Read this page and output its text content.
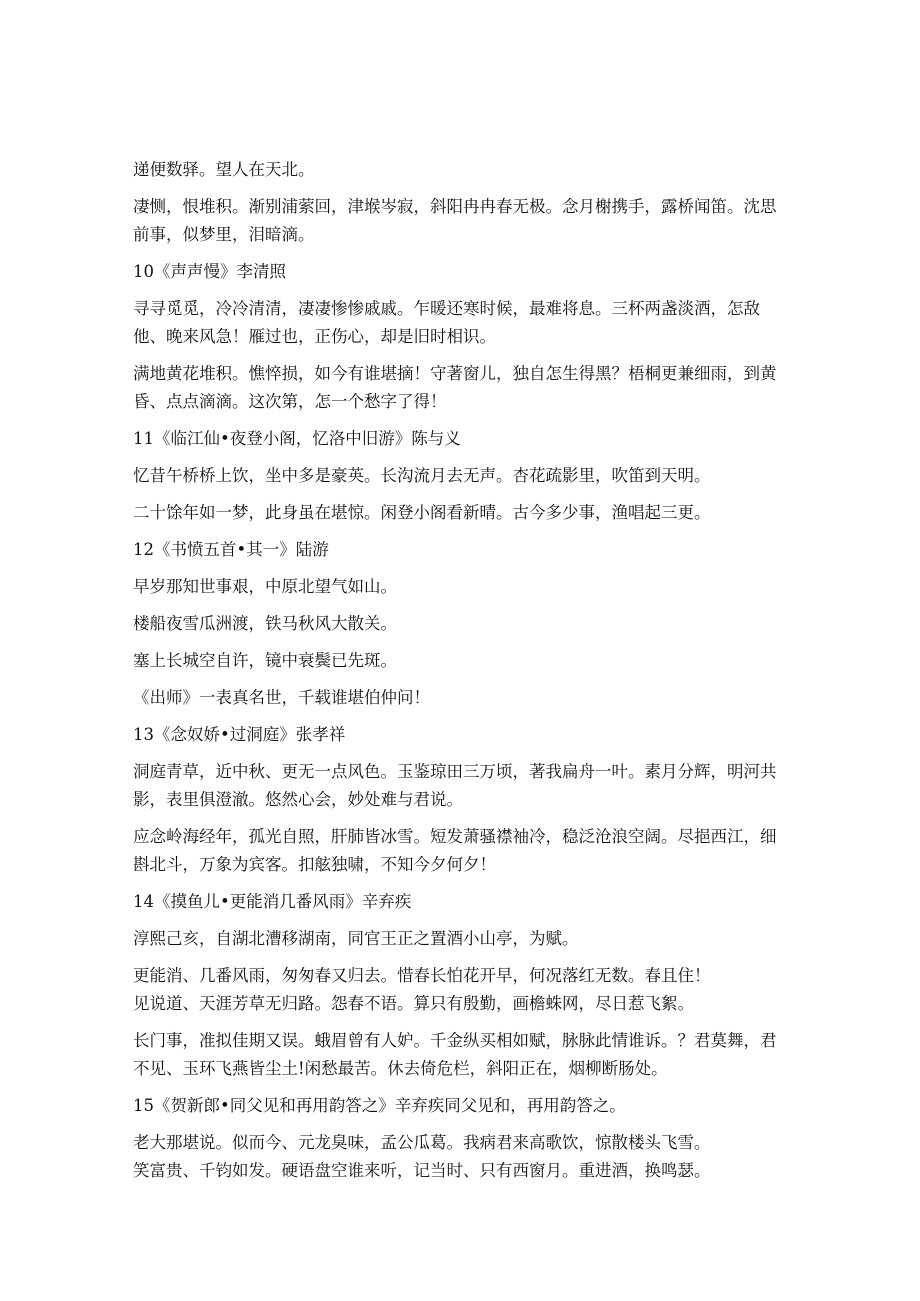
递便数驿。望人在天北。

凄恻，恨堆积。渐别浦萦回，津堠岑寂，斜阳冉冉春无极。念月榭携手，露桥闻笛。沈思
前事，似梦里，泪暗滴。

10《声声慢》李清照

寻寻觅觅，冷冷清清，凄凄惨惨戚戚。乍暖还寒时候，最难将息。三杯两盏淡酒，怎敌
他、晚来风急！雁过也，正伤心，却是旧时相识。

满地黄花堆积。憔悴损，如今有谁堪摘！守著窗儿，独自怎生得黑？梧桐更兼细雨，到黄
昏、点点滴滴。这次第，怎一个愁字了得！

11《临江仙•夜登小阁，忆洛中旧游》陈与义

忆昔午桥桥上饮，坐中多是豪英。长沟流月去无声。杏花疏影里，吹笛到天明。

二十馀年如一梦，此身虽在堪惊。闲登小阁看新晴。古今多少事，渔唱起三更。

12《书愤五首•其一》陆游

早岁那知世事艰，中原北望气如山。

楼船夜雪瓜洲渡，铁马秋风大散关。

塞上长城空自许，镜中衰鬓已先斑。

《出师》一表真名世，千载谁堪伯仲问！

13《念奴娇•过洞庭》张孝祥

洞庭青草，近中秋、更无一点风色。玉鉴琼田三万顷，著我扁舟一叶。素月分辉，明河共
影，表里俱澄澈。悠然心会，妙处难与君说。

应念岭海经年，孤光自照，肝肺皆冰雪。短发萧骚襟袖冷，稳泛沧浪空阔。尽挹西江，细
斟北斗，万象为宾客。扣舷独啸，不知今夕何夕！

14《摸鱼儿•更能消几番风雨》辛弃疾

淳熙己亥，自湖北漕移湖南，同官王正之置酒小山亭，为赋。

更能消、几番风雨，匆匆春又归去。惜春长怕花开早，何况落红无数。春且住！
见说道、天涯芳草无归路。怨春不语。算只有殷勤，画檐蛛网，尽日惹飞絮。

长门事，准拟佳期又误。蛾眉曾有人妒。千金纵买相如赋，脉脉此情谁诉。？君莫舞，君
不见、玉环飞燕皆尘土!闲愁最苦。休去倚危栏，斜阳正在，烟柳断肠处。

15《贺新郎•同父见和再用韵答之》辛弃疾同父见和，再用韵答之。

老大那堪说。似而今、元龙臭味，孟公瓜葛。我病君来高歌饮，惊散楼头飞雪。
笑富贵、千钧如发。硬语盘空谁来听，记当时、只有西窗月。重进酒，换鸣瑟。
